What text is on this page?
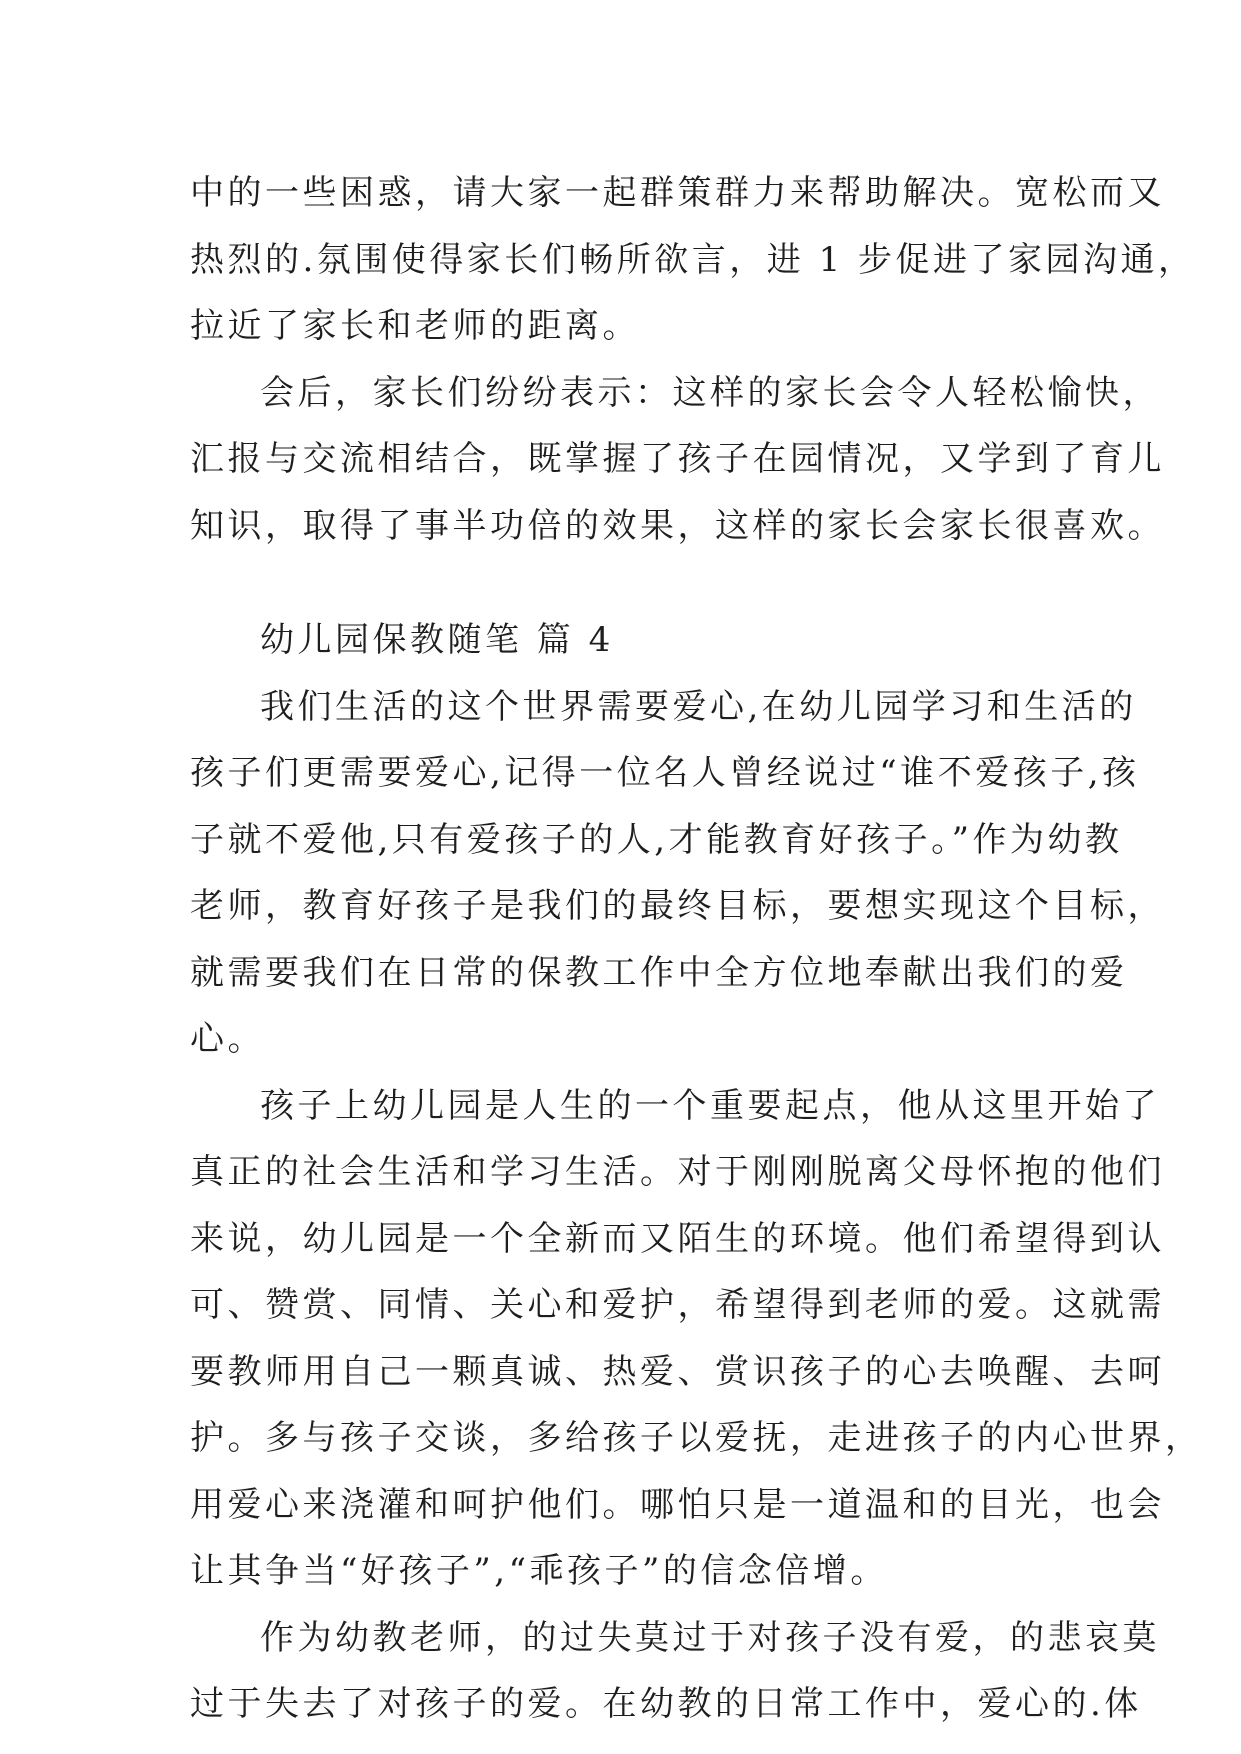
中的一些困惑，请大家一起群策群力来帮助解决。宽松而又
热烈的.氛围使得家长们畅所欲言，进 1 步促进了家园沟通，
拉近了家长和老师的距离。
会后，家长们纷纷表示：这样的家长会令人轻松愉快，
汇报与交流相结合，既掌握了孩子在园情况，又学到了育儿
知识，取得了事半功倍的效果，这样的家长会家长很喜欢。
幼儿园保教随笔 篇 4
我们生活的这个世界需要爱心,在幼儿园学习和生活的
孩子们更需要爱心,记得一位名人曾经说过“谁不爱孩子,孩
子就不爱他,只有爱孩子的人,才能教育好孩子。”作为幼教
老师，教育好孩子是我们的最终目标，要想实现这个目标，
就需要我们在日常的保教工作中全方位地奉献出我们的爱
心。
孩子上幼儿园是人生的一个重要起点，他从这里开始了
真正的社会生活和学习生活。对于刚刚脱离父母怀抱的他们
来说，幼儿园是一个全新而又陌生的环境。他们希望得到认
可、赞赏、同情、关心和爱护，希望得到老师的爱。这就需
要教师用自己一颗真诚、热爱、赏识孩子的心去唤醒、去呵
护。多与孩子交谈，多给孩子以爱抚，走进孩子的内心世界，
用爱心来浇灌和呵护他们。哪怕只是一道温和的目光，也会
让其争当“好孩子”,“乖孩子”的信念倍增。
作为幼教老师，的过失莫过于对孩子没有爱，的悲哀莫
过于失去了对孩子的爱。在幼教的日常工作中，爱心的.体
